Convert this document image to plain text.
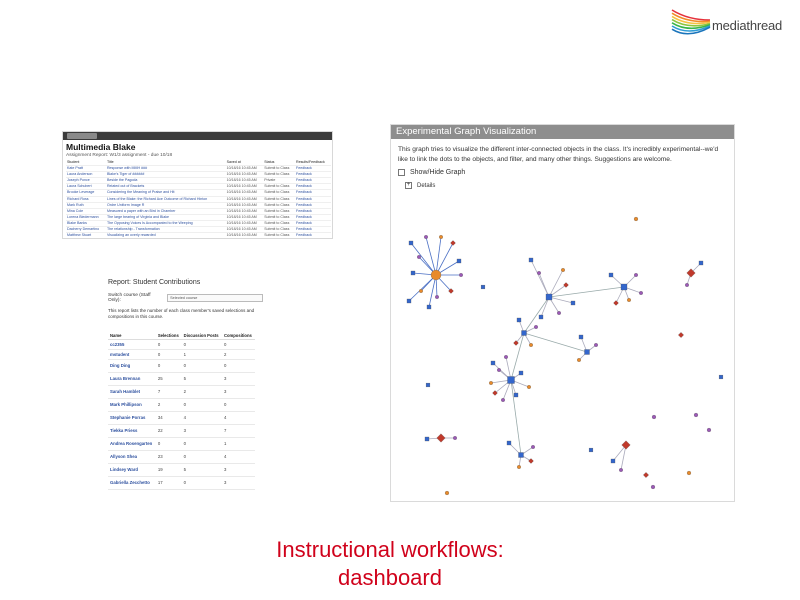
mediathread
Multimedia Blake
Assignment Report: W1/3 assignment - due 10/18
Student	Title	Saved at	Status	Results/Feedback
Kate Pratt	Response with MMH ###	10/18/16 10:45 AM	Submit to Class	Feedback
Laura Anderson	Blake's Tiger of ######	10/18/16 10:45 AM	Submit to Class	Feedback
Joseph Ponce	Beside the Pagoda	10/18/16 10:45 AM	Private	Feedback
Laura Schubert	Related out of Brackets	10/18/16 10:45 AM	Submit to Class	Feedback
Brooke Leverage	Considering the Meaning of Praise and Hit	10/18/16 10:45 AM	Submit to Class	Feedback
Richard Ross	Lines of the Blake: the Richard Ace Outcome of Richard Hinton	10/18/16 10:45 AM	Submit to Class	Feedback
Mark Ruth	Ordre Uniform Image R	10/18/16 10:45 AM	Submit to Class	Feedback
Mina Cole	Measured a paper with an Bird in Chamber	10/18/16 10:45 AM	Submit to Class	Feedback
Lorena Biedermann	The large bearing of Virginia and Blake	10/18/16 10:45 AM	Submit to Class	Feedback
Blake Banks	The Opposing Voices Is Accompanied to the Weeping	10/18/16 10:45 AM	Submit to Class	Feedback
Dacherry Demartino	The relationship - Transformation	10/18/16 10:45 AM	Submit to Class	Feedback
Matthew Stuart	Visualizing an overly rewarded	10/18/16 10:45 AM	Submit to Class	Feedback
Report: Student Contributions
Switch course (Staff Only):	Selected course
This report lists the number of each class member's saved selections and compositions in this course.
Name	Selections	Discussion Posts	Compositions
cc2355	0	0	0
mstudent	0	1	2
Ding Ding	0	0	0
Laura Brennan	25	5	3
Sarah Hamblet	7	2	3
Mark Phillipson	2	0	0
Stephanie Porras	34	4	4
Tiekka Priess	22	3	7
Andrea Rosengarten	0	0	1
Allyson Shea	23	0	4
Lindsey Ward	19	5	3
Gabriella Zecchetto	17	0	3
Experimental Graph Visualization
This graph tries to visualize the different inter-connected objects in the class. It's incredibly experimental--we'd like to link the dots to the objects, and filter, and many other things. Suggestions are welcome.
Show/Hide Graph
+ Details
Instructional workflows:
dashboard
